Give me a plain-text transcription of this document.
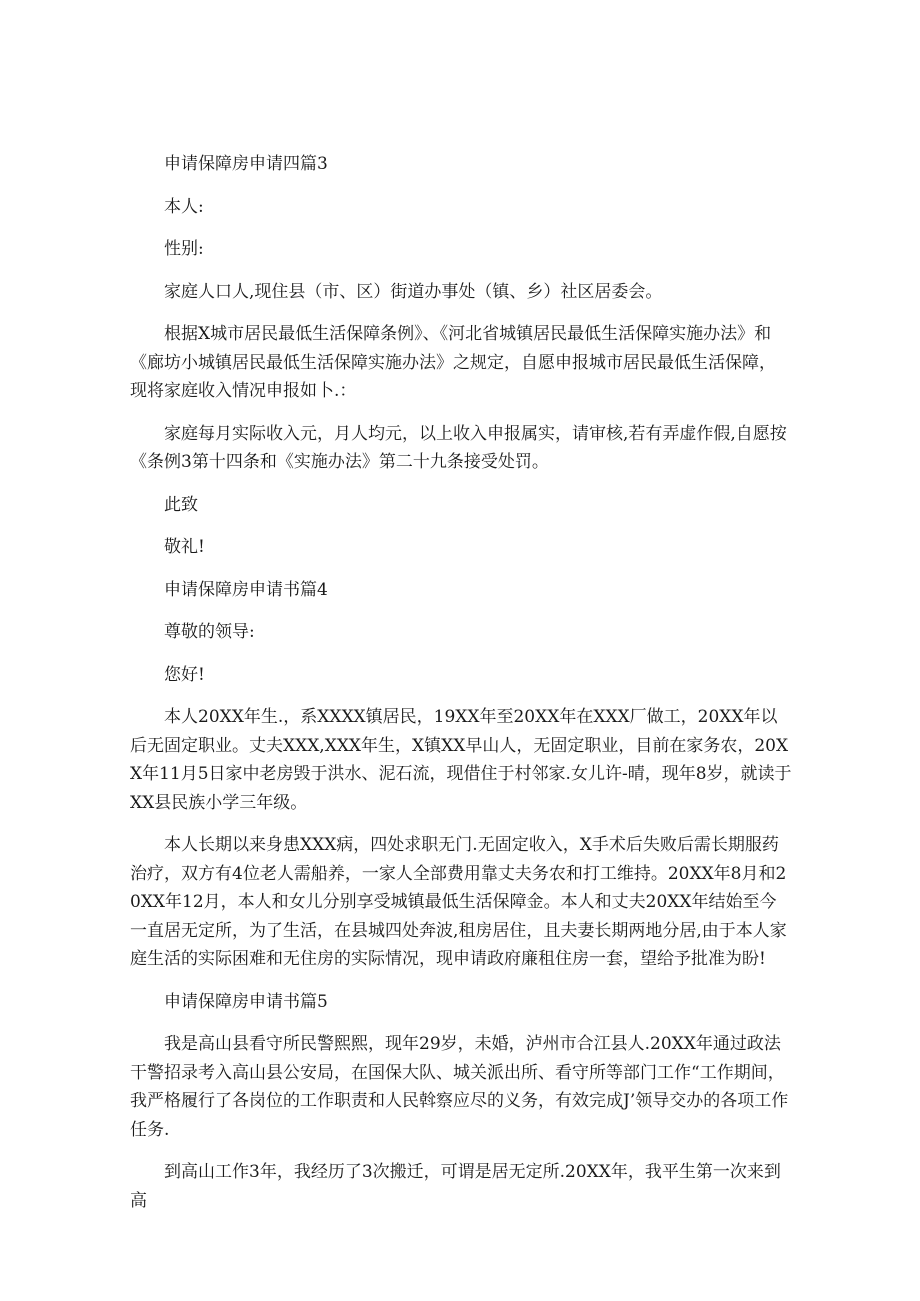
申请保障房申请四篇3

本人:

性别:

家庭人口人,现住县（市、区）街道办事处（镇、乡）社区居委会。

根据X城市居民最低生活保障条例》、《河北省城镇居民最低生活保障实施办法》和《廊坊小城镇居民最低生活保障实施办法》之规定，自愿申报城市居民最低生活保障，现将家庭收入情况申报如卜.：

家庭每月实际收入元，月人均元，以上收入申报属实，请审核,若有弄虚作假,自愿按《条例3第十四条和《实施办法》第二十九条接受处罚。

此致

敬礼!

申请保障房申请书篇4

尊敬的领导:

您好!

本人20XX年生.，系XXXX镇居民，19XX年至20XX年在XXX厂做工，20XX年以后无固定职业。丈夫XXX,XXX年生，X镇XX早山人，无固定职业，目前在家务农，20XX年11月5日家中老房毁于洪水、泥石流，现借住于村邻家.女儿许-晴，现年8岁，就读于XX县民族小学三年级。

本人长期以来身患XXX病，四处求职无门.无固定收入，X手术后失败后需长期服药治疗，双方有4位老人需船养，一家人全部费用靠丈夫务农和打工维持。20XX年8月和20XX年12月，本人和女儿分别享受城镇最低生活保障金。本人和丈夫20XX年结始至今一直居无定所，为了生活，在县城四处奔波,租房居住，且夫妻长期两地分居,由于本人家庭生活的实际困难和无住房的实际情况，现申请政府廉租住房一套，望给予批准为盼!

申请保障房申请书篇5

我是高山县看守所民警熙熙，现年29岁，未婚，泸州市合江县人.20XX年通过政法干警招录考入高山县公安局，在国保大队、城关派出所、看守所等部门工作“工作期间，我严格履行了各岗位的工作职责和人民斡察应尽的义务，有效完成J’领导交办的各项工作任务.

到高山工作3年，我经历了3次搬迁，可谓是居无定所.20XX年，我平生第一次来到高
